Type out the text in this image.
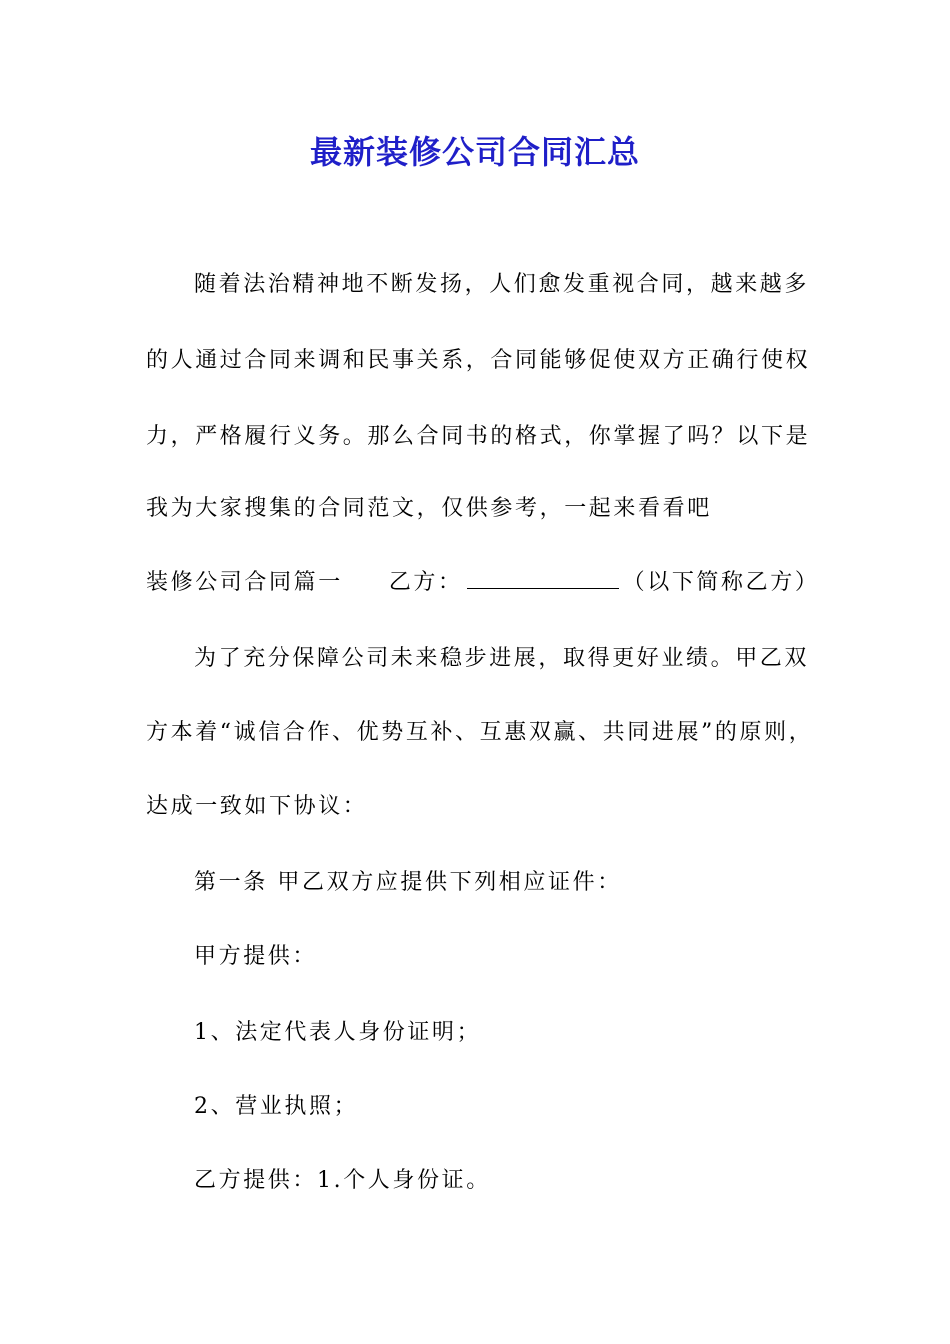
最新装修公司合同汇总
随着法治精神地不断发扬，人们愈发重视合同，越来越多
的人通过合同来调和民事关系，合同能够促使双方正确行使权
力，严格履行义务。那么合同书的格式，你掌握了吗？以下是
我为大家搜集的合同范文，仅供参考，一起来看看吧
装修公司合同篇一 乙方：	（以下简称乙方）
为了充分保障公司未来稳步进展，取得更好业绩。甲乙双
方本着“诚信合作、优势互补、互惠双赢、共同进展”的原则，
达成一致如下协议：
第一条 甲乙双方应提供下列相应证件：
甲方提供：
1、法定代表人身份证明；
2、营业执照；
乙方提供：1.个人身份证。
